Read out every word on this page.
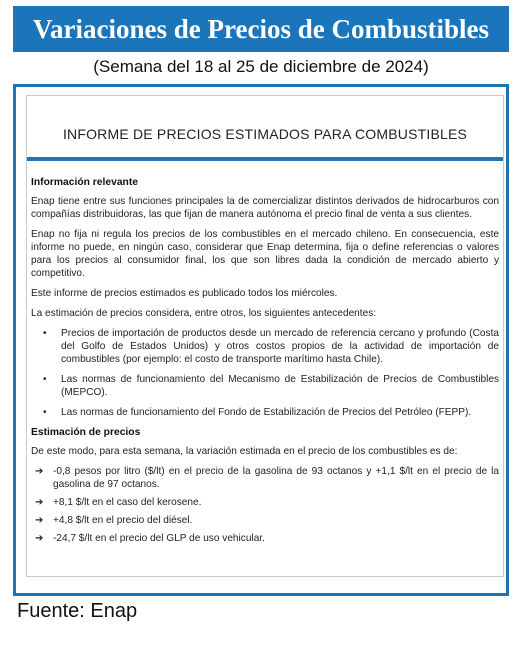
Variaciones de Precios de Combustibles
(Semana del 18 al 25 de diciembre de 2024)
INFORME DE PRECIOS ESTIMADOS PARA COMBUSTIBLES
Información relevante

Enap tiene entre sus funciones principales la de comercializar distintos derivados de hidrocarburos con compañías distribuidoras, las que fijan de manera autónoma el precio final de venta a sus clientes.

Enap no fija ni regula los precios de los combustibles en el mercado chileno. En consecuencia, este informe no puede, en ningún caso, considerar que Enap determina, fija o define referencias o valores para los precios al consumidor final, los que son libres dada la condición de mercado abierto y competitivo.

Este informe de precios estimados es publicado todos los miércoles.

La estimación de precios considera, entre otros, los siguientes antecedentes:

• Precios de importación de productos desde un mercado de referencia cercano y profundo (Costa del Golfo de Estados Unidos) y otros costos propios de la actividad de importación de combustibles (por ejemplo: el costo de transporte marítimo hasta Chile).
• Las normas de funcionamiento del Mecanismo de Estabilización de Precios de Combustibles (MEPCO).
• Las normas de funcionamiento del Fondo de Estabilización de Precios del Petróleo (FEPP).
Estimación de precios

De este modo, para esta semana, la variación estimada en el precio de los combustibles es de:

➔ -0,8 pesos por litro ($/lt) en el precio de la gasolina de 93 octanos y +1,1 $/lt en el precio de la gasolina de 97 octanos.
➔ +8,1 $/lt en el caso del kerosene.
➔ +4,8 $/lt en el precio del diésel.
➔ -24,7 $/lt en el precio del GLP de uso vehicular.
Fuente: Enap
